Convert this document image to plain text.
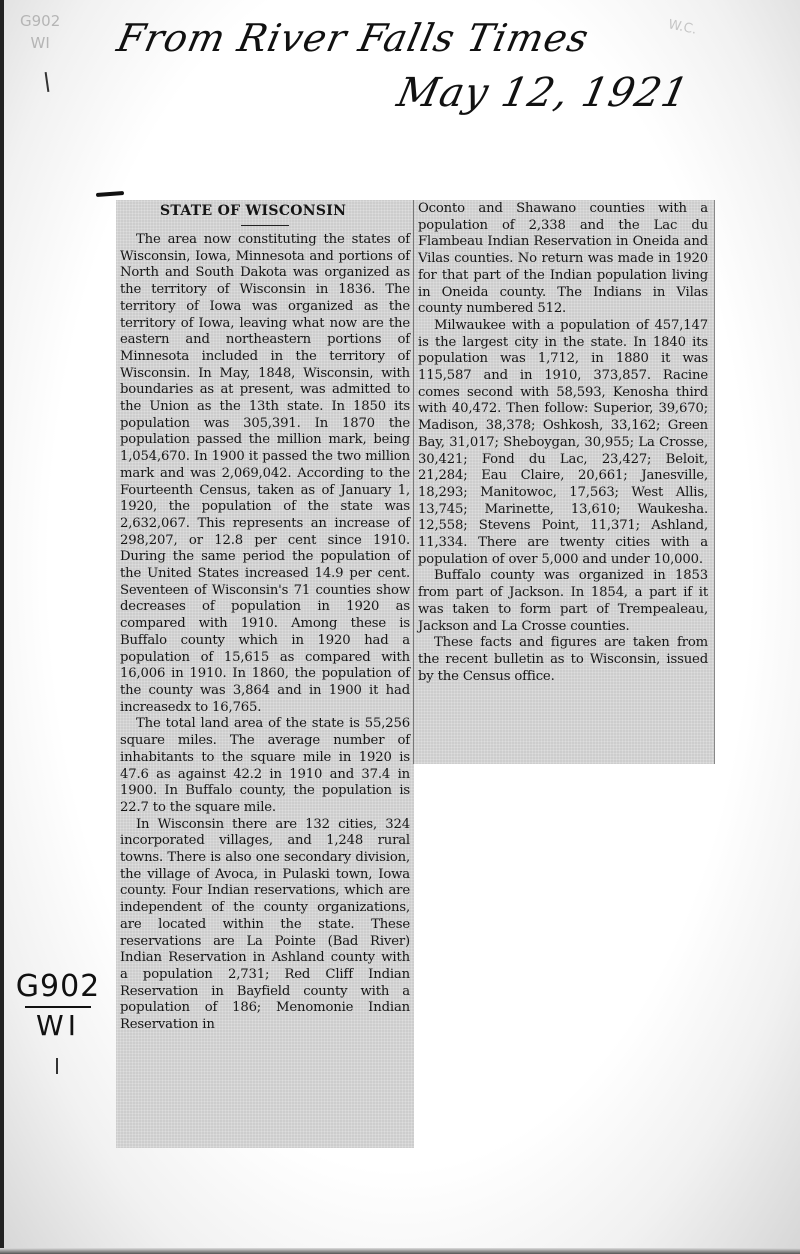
G902
WI
W.C.
From River Falls Times
May 12, 1921
STATE OF WISCONSIN

The area now constituting the states of Wisconsin, Iowa, Minnesota and portions of North and South Dakota was organized as the territory of Wisconsin in 1836. The territory of Iowa was organized as the territory of Iowa, leaving what now are the eastern and northeastern portions of Minnesota included in the territory of Wisconsin. In May, 1848, Wisconsin, with boundaries as at present, was admitted to the Union as the 13th state. In 1850 its population was 305,391. In 1870 the population passed the million mark, being 1,054,670. In 1900 it passed the two million mark and was 2,069,042. According to the Fourteenth Census, taken as of January 1, 1920, the population of the state was 2,632,067. This represents an increase of 298,207, or 12.8 per cent since 1910. During the same period the population of the United States increased 14.9 per cent. Seventeen of Wisconsin's 71 counties show decreases of population in 1920 as compared with 1910. Among these is Buffalo county which in 1920 had a population of 15,615 as compared with 16,006 in 1910. In 1860, the population of the county was 3,864 and in 1900 it had increasedx to 16,765.

The total land area of the state is 55,256 square miles. The average number of inhabitants to the square mile in 1920 is 47.6 as against 42.2 in 1910 and 37.4 in 1900. In Buffalo county, the population is 22.7 to the square mile.

In Wisconsin there are 132 cities, 324 incorporated villages, and 1,248 rural towns. There is also one secondary division, the village of Avoca, in Pulaski town, Iowa county. Four Indian reservations, which are independent of the county organizations, are located within the state. These reservations are La Pointe (Bad River) Indian Reservation in Ashland county with a population 2,731; Red Cliff Indian Reservation in Bayfield county with a population of 186; Menomonie Indian Reservation in

Oconto and Shawano counties with a population of 2,338 and the Lac du Flambeau Indian Reservation in Oneida and Vilas counties. No return was made in 1920 for that part of the Indian population living in Oneida county. The Indians in Vilas county numbered 512.

Milwaukee with a population of 457,147 is the largest city in the state. In 1840 its population was 1,712, in 1880 it was 115,587 and in 1910, 373,857. Racine comes second with 58,593, Kenosha third with 40,472. Then follow: Superior, 39,670; Madison, 38,378; Oshkosh, 33,162; Green Bay, 31,017; Sheboygan, 30,955; La Crosse, 30,421; Fond du Lac, 23,427; Beloit, 21,284; Eau Claire, 20,661; Janesville, 18,293; Manitowoc, 17,563; West Allis, 13,745; Marinette, 13,610; Waukesha. 12,558; Stevens Point, 11,371; Ashland, 11,334. There are twenty cities with a population of over 5,000 and under 10,000.

Buffalo county was organized in 1853 from part of Jackson. In 1854, a part if it was taken to form part of Trempealeau, Jackson and La Crosse counties.

These facts and figures are taken from the recent bulletin as to Wisconsin, issued by the Census office.

G902
WI
